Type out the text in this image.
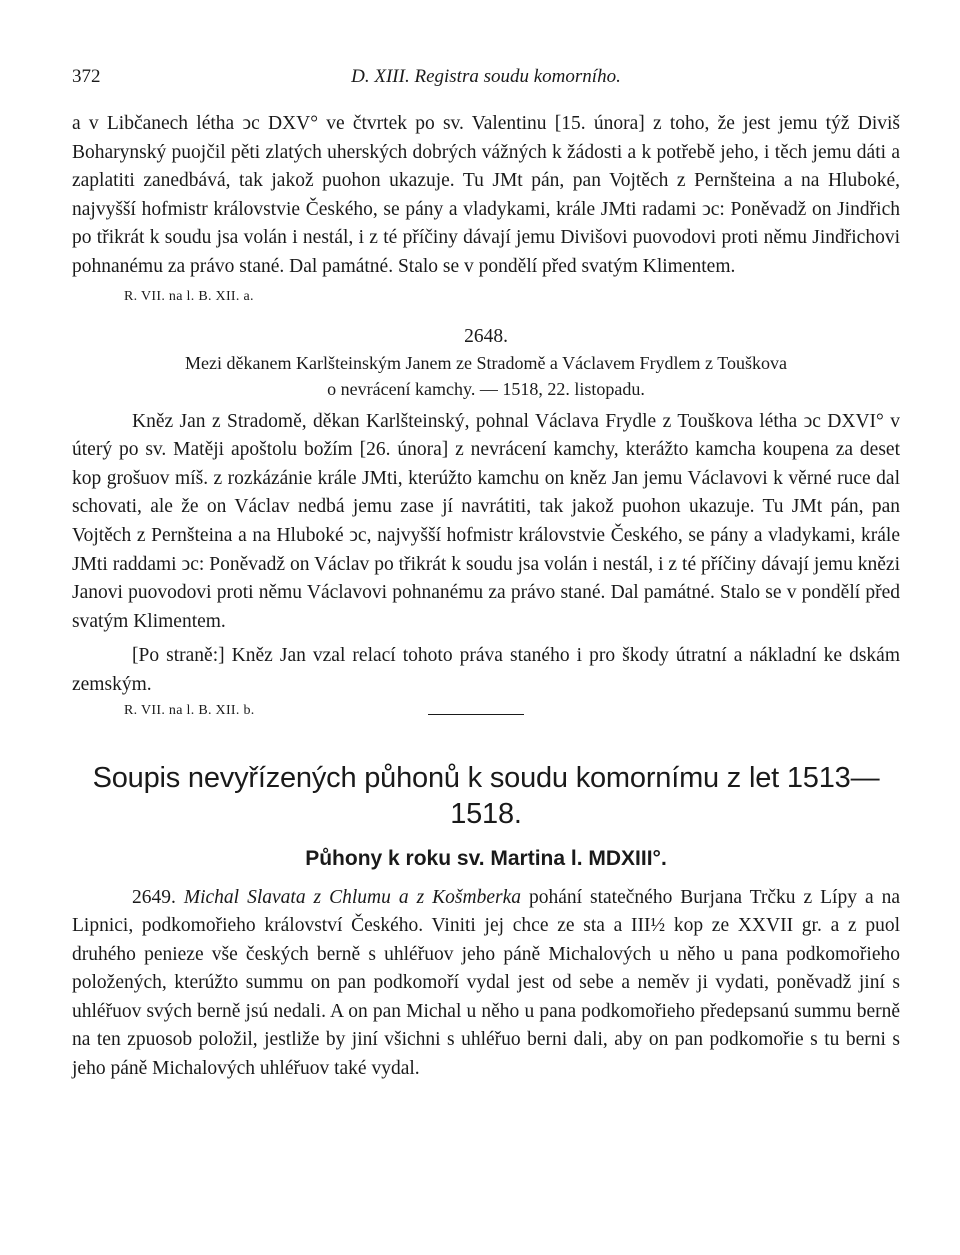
372	D. XIII. Registra soudu komorního.

a v Libčanech létha ↄc DXV° ve čtvrtek po sv. Valentinu [15. února] z toho, že jest jemu týž Diviš Boharynský puojčil pěti zlatých uherských dobrých vážných k žádosti a k potřebě jeho, i těch jemu dáti a zaplatiti zanedbává, tak jakož puohon ukazuje. Tu JMt pán, pan Vojtěch z Pernšteina a na Hluboké, najvyšší hofmistr královstvie Českého, se pány a vladykami, krále JMti radami ↄc: Poněvadž on Jindřich po třikrát k soudu jsa volán i nestál, i z té příčiny dávají jemu Divišovi puovodovi proti němu Jindřichovi pohnanému za právo stané. Dal památné. Stalo se v pondělí před svatým Klimentem.

R. VII. na l. B. XII. a.
2648.
Mezi děkanem Karlšteinským Janem ze Stradomě a Václavem Frydlem z Touškova
o nevrácení kamchy. — 1518, 22. listopadu.

Kněz Jan z Stradomě, děkan Karlšteinský, pohnal Václava Frydle z Touškova létha ↄc DXVI° v úterý po sv. Matěji apoštolu božím [26. února] z nevrácení kamchy, kterážto kamcha koupena za deset kop grošuov míš. z rozkázánie krále JMti, kterúžto kamchu on kněz Jan jemu Václavovi k věrné ruce dal schovati, ale že on Václav nedbá jemu zase jí navrátiti, tak jakož puohon ukazuje. Tu JMt pán, pan Vojtěch z Pernšteina a na Hluboké ↄc, najvyšší hofmistr královstvie Českého, se pány a vladykami, krále JMti raddami ↄc: Poněvadž on Václav po třikrát k soudu jsa volán i nestál, i z té příčiny dávají jemu knězi Janovi puovodovi proti němu Václavovi pohnanému za právo stané. Dal památné. Stalo se v pondělí před svatým Klimentem.

[Po straně:] Kněz Jan vzal relací tohoto práva staného i pro škody útratní a nákladní ke dskám zemským.

R. VII. na l. B. XII. b.
Soupis nevyřízených půhonů k soudu komornímu z let 1513—1518.
Půhony k roku sv. Martina l. MDXIII°.

2649. Michal Slavata z Chlumu a z Košmberka pohání statečného Burjana Trčku z Lípy a na Lipnici, podkomořieho království Českého. Viniti jej chce ze sta a III½ kop ze XXVII gr. a z puol druhého penieze vše českých berně s uhléřuov jeho páně Michalových u něho u pana podkomořieho položených, kterúžto summu on pan podkomoří vydal jest od sebe a neměv ji vydati, poněvadž jiní s uhléřuov svých berně jsú nedali. A on pan Michal u něho u pana podkomořieho předepsanú summu berně na ten zpuosob položil, jestliže by jiní všichni s uhléřuo berni dali, aby on pan podkomořie s tu berni s jeho páně Michalových uhléřuov také vydal.
